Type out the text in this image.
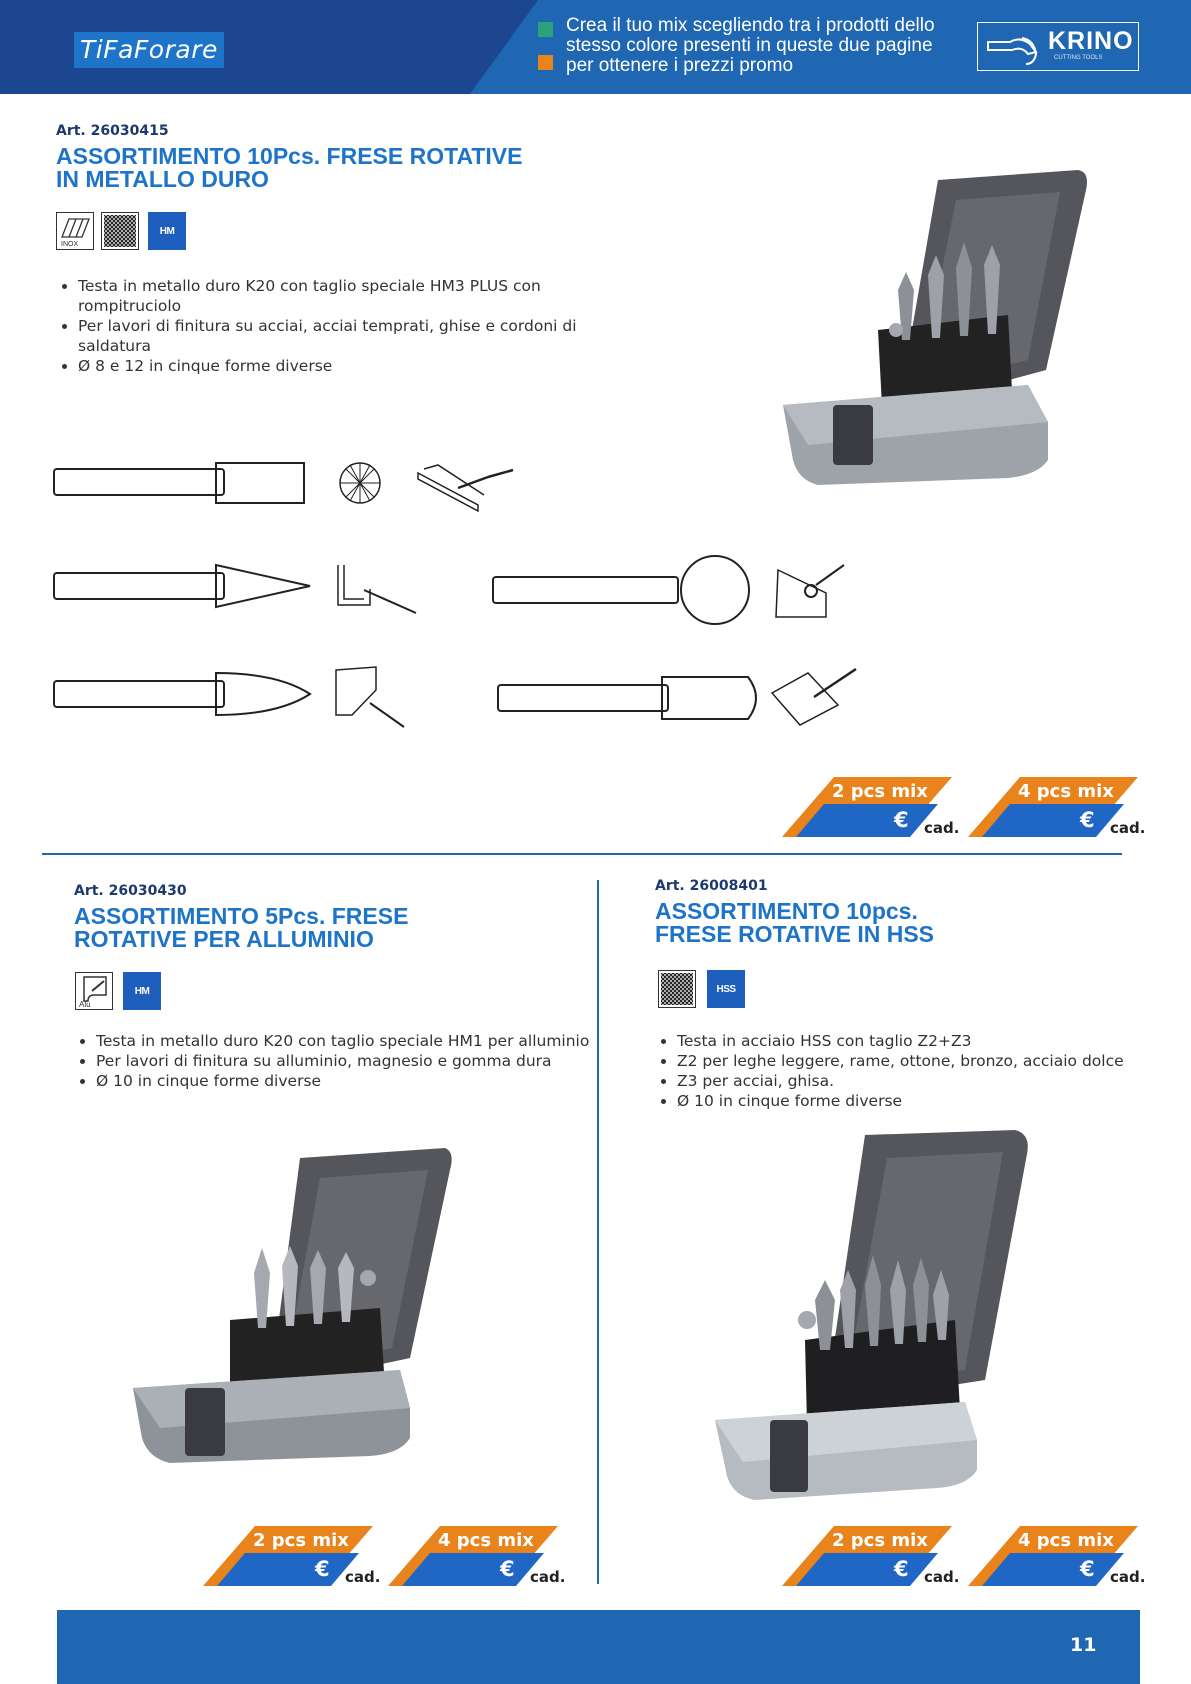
TiFaForare
Crea il tuo mix scegliendo tra i prodotti dello
stesso colore presenti in queste due pagine
per ottenere i prezzi promo
KRINO
CUTTING TOOLS
Art. 26030415
ASSORTIMENTO 10Pcs. FRESE ROTATIVE
IN METALLO DURO
INOX
HM
• Testa in metallo duro K20 con taglio speciale HM3 PLUS con rompitruciolo
• Per lavori di finitura su acciai, acciai temprati, ghise e cordoni di saldatura
• Ø 8 e 12 in cinque forme diverse
2 pcs mix
€ cad.
4 pcs mix
€ cad.
Art. 26030430
ASSORTIMENTO 5Pcs. FRESE
ROTATIVE PER ALLUMINIO
Alu
HM
• Testa in metallo duro K20 con taglio speciale HM1 per alluminio
• Per lavori di finitura su alluminio, magnesio e gomma dura
• Ø 10 in cinque forme diverse
2 pcs mix
€ cad.
4 pcs mix
€ cad.
Art. 26008401
ASSORTIMENTO 10pcs.
FRESE ROTATIVE IN HSS
HSS
• Testa in acciaio HSS con taglio Z2+Z3
• Z2 per leghe leggere, rame, ottone, bronzo, acciaio dolce
• Z3 per acciai, ghisa.
• Ø 10 in cinque forme diverse
2 pcs mix
€ cad.
4 pcs mix
€ cad.
11
